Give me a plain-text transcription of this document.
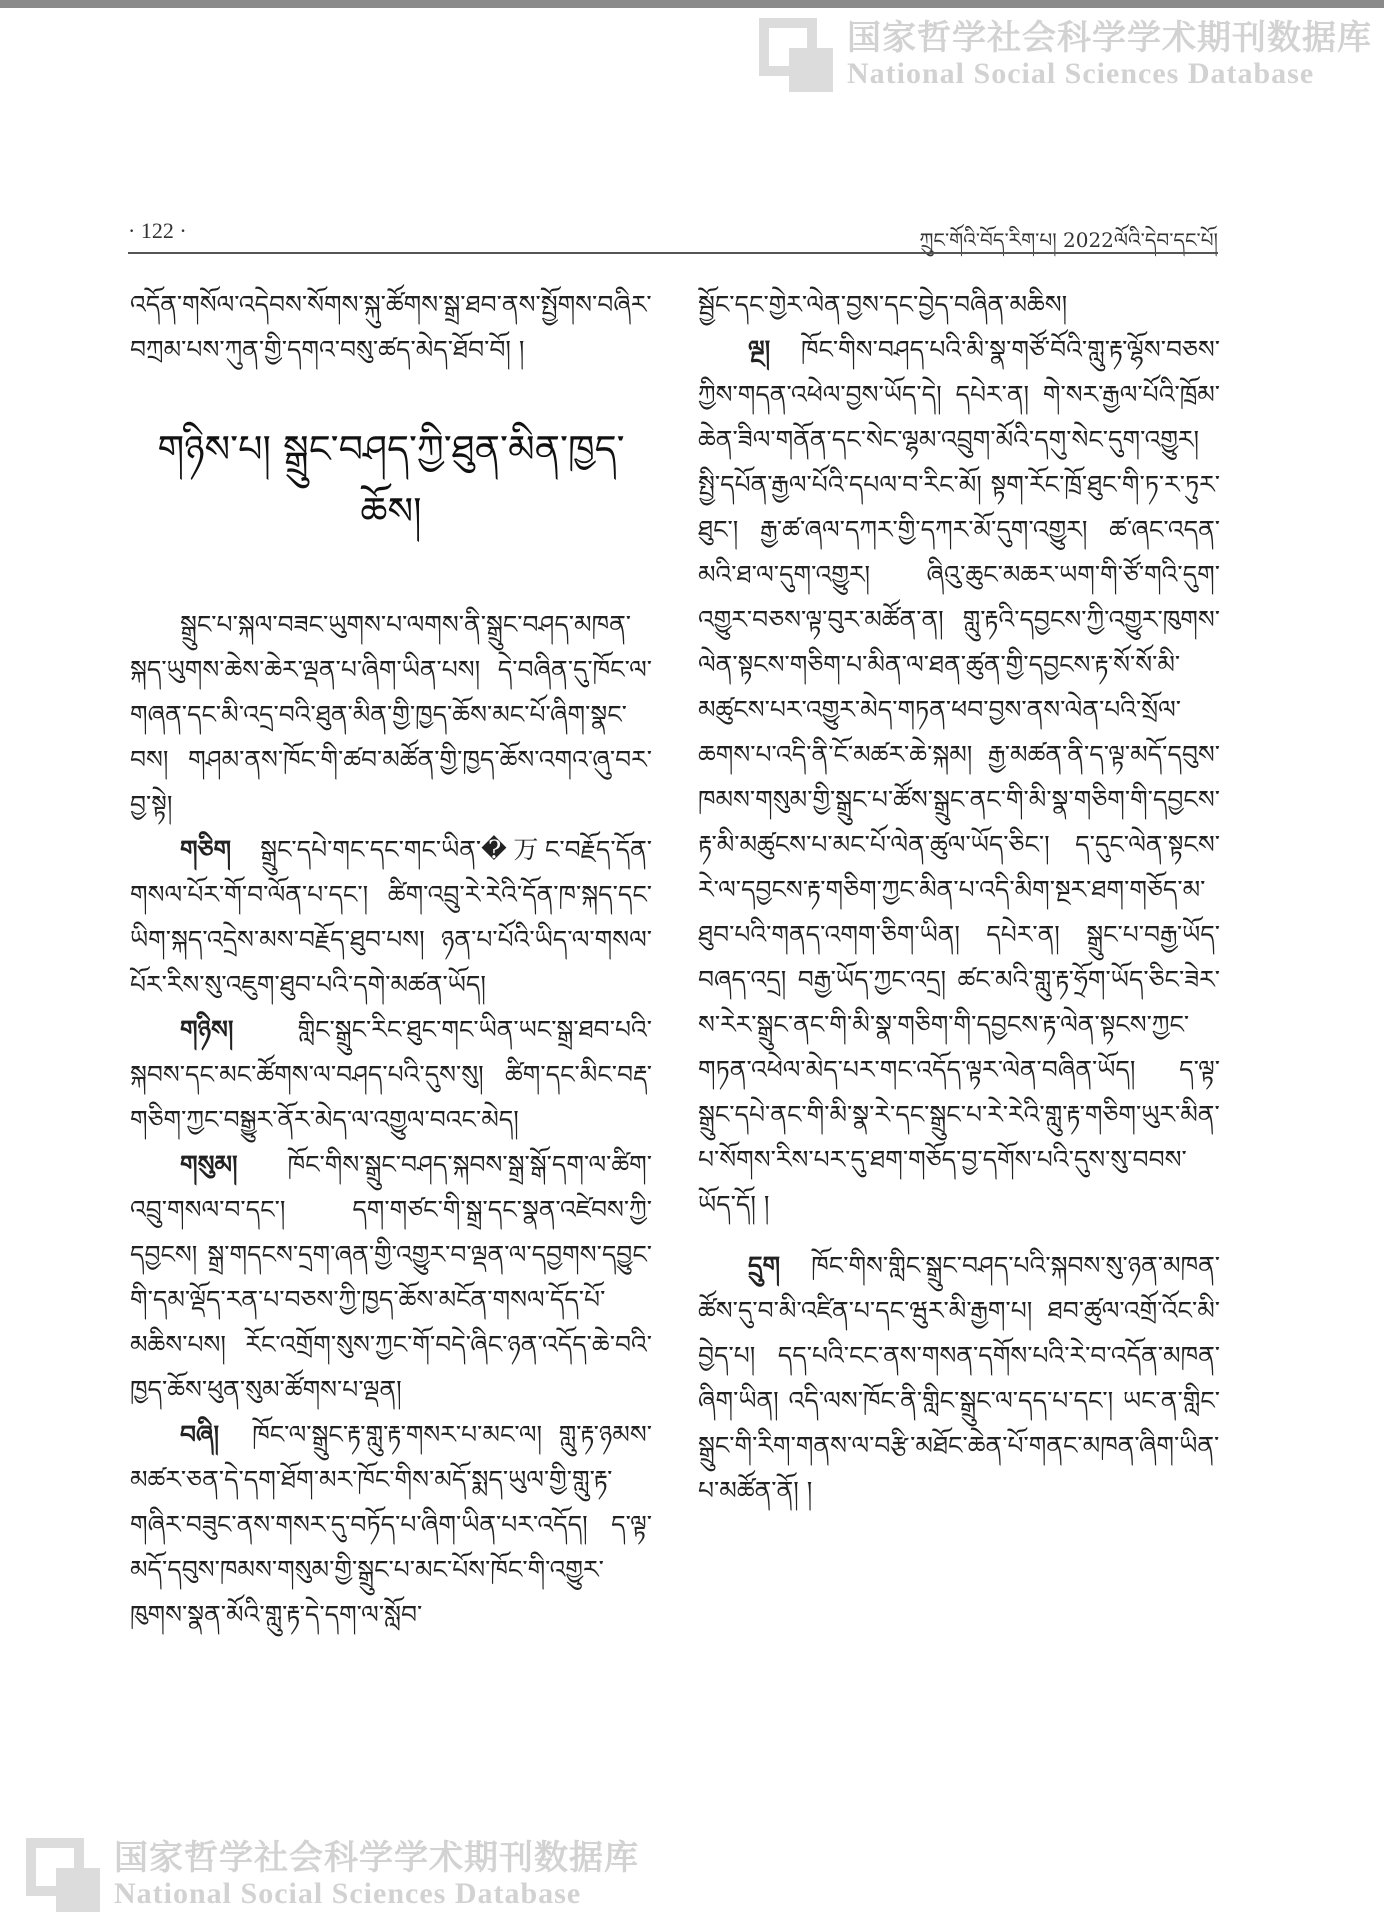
国家哲学社会科学学术期刊数据库
National Social Sciences Database
· 122 ·	ཀྲུང་གོའི་བོད་རིག་པ། 2022ལོའི་དེབ་དང་པོ།

འདོན་གསོལ་འདེབས་སོགས་སྐུ་ཚོགས་སྒྲ་ཐབ་ནས་སྤྱོགས་བཞིར་བཀྲམ་པས་ཀུན་གྱི་དགའ་བསུ་ཚད་མེད་ཐོབ་བོ། །

གཉིས་པ། སྒྲུང་བཤད་ཀྱི་ཐུན་མིན་ཁྱད་ཆོས།

སྒྲུང་པ་སྐལ་བཟང་ཡུགས་པ་ལགས་ནི་སྒྲུང་བཤད་མཁན་སྐད་ཡུགས་ཆེས་ཆེར་ལྡན་པ་ཞིག་ཡིན་པས། དེ་བཞིན་དུ་ཁོང་ལ་གཞན་དང་མི་འདྲ་བའི་ཐུན་མིན་གྱི་ཁྱད་ཆོས་མང་པོ་ཞིག་སྣང་བས། གཤམ་ནས་ཁོང་གི་ཚབ་མཚོན་གྱི་ཁྱད་ཆོས་འགའ་ཞུ་བར་བྱ་སྟེ།

གཅིག སྒྲུང་དཔེ་གང་དང་གང་ཡིན་�万ང་བརྗོད་དོན་གསལ་པོར་གོ་བ་ལོན་པ་དང་། ཚིག་འབྲུ་རེ་རེའི་དོན་ཁ་སྐད་དང་ཡིག་སྐད་འདྲེས་མས་བརྗོད་ཐུབ་པས། ཉན་པ་པོའི་ཡིད་ལ་གསལ་པོར་རིས་སུ་འཇུག་ཐུབ་པའི་དགེ་མཚན་ཡོད།

གཉིས།	གླིང་སྒྲུང་རིང་ཐུང་གང་ཡིན་ཡང་སྒྲ་ཐབ་པའི་སྐབས་དང་མང་ཚོགས་ལ་བཤད་པའི་དུས་སུ། ཚིག་དང་མིང་བརྡ་གཅིག་ཀྱང་བསྒྱུར་ནོར་མེད་ལ་འགྱུལ་བའང་མེད།

གསུམ། ཁོང་གིས་སྒྲུང་བཤད་སྐབས་སྒྲ་སྒོ་དག་ལ་ཚིག་འབྲུ་གསལ་བ་དང་། དག་གཙང་གི་སྒྲ་དང་སྣན་འཛེབས་ཀྱི་དབྱངས། སྒྲ་གདངས་དྲག་ཞན་གྱི་འགྱུར་བ་ལྡན་ལ་དབྱགས་དབྱུང་གི་དམ་ལྡོད་རན་པ་བཅས་ཀྱི་ཁྱད་ཆོས་མངོན་གསལ་དོད་པོ་མཆིས་པས། རོང་འགྲོག་སུས་ཀྱང་གོ་བདེ་ཞིང་ཉན་འདོད་ཆེ་བའི་ཁྱད་ཆོས་ཕུན་སུམ་ཚོགས་པ་ལྡན།

བཞི། ཁོང་ལ་སྒྲུང་རྟ་གླུ་རྟ་གསར་པ་མང་ལ། གླུ་རྟ་ཉམས་མཚར་ཅན་དེ་དག་ཐོག་མར་ཁོང་གིས་མདོ་སྨད་ཡུལ་གྱི་གླུ་རྟ་གཞིར་བཟུང་ནས་གསར་དུ་བཏོད་པ་ཞིག་ཡིན་པར་འདོད། ད་ལྟ་མདོ་དབུས་ཁམས་གསུམ་གྱི་སྒྲུང་པ་མང་པོས་ཁོང་གི་འགྱུར་ཁུགས་སྣན་མོའི་གླུ་རྟ་དེ་དག་ལ་སློབ་

སྦྱོང་དང་གྱེར་ལེན་བྱས་དང་བྱེད་བཞིན་མཆིས།

ལྔ། ཁོང་གིས་བཤད་པའི་མི་སྣ་གཙོ་བོའི་གླུ་རྟ་ལྷོས་བཅས་ཀྱིས་གདན་འཕེལ་བྱས་ཡོད་དེ། དཔེར་ན། གེ་སར་རྒྱལ་པོའི་ཁྲོམ་ཆེན་ཟིལ་གནོན་དང་སེང་ལྷམ་འབྲུག་མོའི་དགུ་སེང་དུག་འགྱུར། སྤྱི་དཔོན་རྒྱལ་པོའི་དཔལ་བ་རིང་མོ། སྟག་རོང་ཁྲོ་ཐུང་གི་ཏ་ར་ཏུར་ཐུང་། རྒྱ་ཚ་ཞལ་དཀར་གྱི་དཀར་མོ་དུག་འགྱུར། ཚ་ཞང་འདན་མའི་ཐ་ལ་དུག་འགྱུར། ཞིའུ་ཆུང་མཆར་ཡག་གི་ཙོ་གའི་དུག་འགྱུར་བཅས་ལྟ་བུར་མཚོན་ན། གླུ་རྟའི་དབྱངས་ཀྱི་འགྱུར་ཁུགས་ལེན་སྟངས་གཅིག་པ་མིན་ལ་ཐན་ཚུན་གྱི་དབྱངས་རྟ་སོ་སོ་མི་མཚུངས་པར་འགྱུར་མེད་གཏན་ཕབ་བྱས་ནས་ལེན་པའི་སྲོལ་ཆགས་པ་འདི་ནི་ངོ་མཚར་ཆེ་སྐམ། རྒྱ་མཚན་ནི་ད་ལྟ་མདོ་དབུས་ཁམས་གསུམ་གྱི་སྒྲུང་པ་ཚོས་སྒྲུང་ནང་གི་མི་སྣ་གཅིག་གི་དབྱངས་རྟ་མི་མཚུངས་པ་མང་པོ་ལེན་ཚུལ་ཡོད་ཅིང་། ད་དུང་ལེན་སྟངས་རེ་ལ་དབྱངས་རྟ་གཅིག་ཀྱང་མིན་པ་འདི་མིག་སྔར་ཐག་གཅོད་མ་ཐུབ་པའི་གནད་འགག་ཅིག་ཡིན། དཔེར་ན། སྒྲུང་པ་བརྒྱ་ཡོད་བཞད་འདྲ། བརྒྱ་ཡོད་ཀྱང་འདྲ། ཚང་མའི་གླུ་རྟ་ཧྲོག་ཡོད་ཅིང་ཟེར་ས་རེར་སྒྲུང་ནང་གི་མི་སྣ་གཅིག་གི་དབྱངས་རྟ་ལེན་སྟངས་ཀྱང་གཏན་འཕེལ་མེད་པར་གང་འདོད་ལྟར་ལེན་བཞིན་ཡོད། ད་ལྟ་སྒྲུང་དཔེ་ནང་གི་མི་སྣ་རེ་དང་སྒྲུང་པ་རེ་རེའི་གླུ་རྟ་གཅིག་ཡུར་མིན་པ་སོགས་རིས་པར་དུ་ཐག་གཅོད་བྱ་དགོས་པའི་དུས་སུ་བབས་ཡོད་དོ། །

དྲུག ཁོང་གིས་གླིང་སྒྲུང་བཤད་པའི་སྐབས་སུ་ཉན་མཁན་ཚོས་དུ་བ་མི་འཛིན་པ་དང་ཝུར་མི་རྒྱག་པ། ཐབ་ཚུལ་འགྲོ་འོང་མི་བྱེད་པ། དད་པའི་ངང་ནས་གསན་དགོས་པའི་རེ་བ་འདོན་མཁན་ཞིག་ཡིན། འདི་ལས་ཁོང་ནི་གླིང་སྒྲུང་ལ་དད་པ་དང་། ཡང་ན་གླིང་སྒྲུང་གི་རིག་གནས་ལ་བརྩི་མཐོང་ཆེན་པོ་གནང་མཁན་ཞིག་ཡིན་པ་མཚོན་ནོ། །

国家哲学社会科学学术期刊数据库
National Social Sciences Database
